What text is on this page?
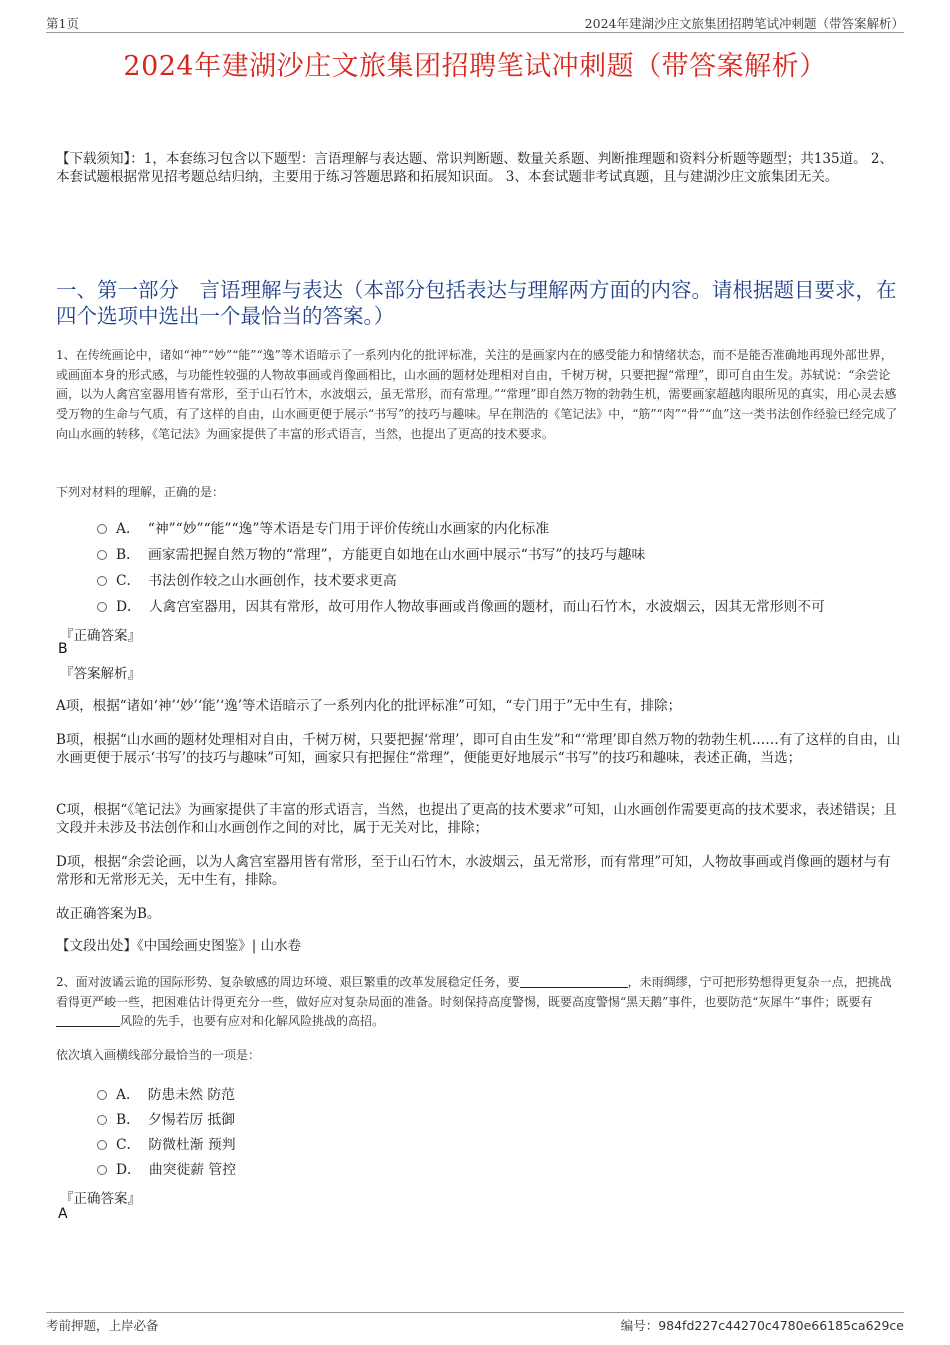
第1页	2024年建湖沙庄文旅集团招聘笔试冲刺题（带答案解析）
2024年建湖沙庄文旅集团招聘笔试冲刺题（带答案解析）
【下载须知】：1，本套练习包含以下题型：言语理解与表达题、常识判断题、数量关系题、判断推理题和资料分析题等题型；共135道。 2、本套试题根据常见招考题总结归纳，主要用于练习答题思路和拓展知识面。 3、本套试题非考试真题，且与建湖沙庄文旅集团无关。
一、第一部分　言语理解与表达（本部分包括表达与理解两方面的内容。请根据题目要求，在四个选项中选出一个最恰当的答案。）
1、在传统画论中，诸如“神”“妙”“能”“逸”等术语暗示了一系列内化的批评标准，关注的是画家内在的感受能力和情绪状态，而不是能否准确地再现外部世界，或画面本身的形式感，与功能性较强的人物故事画或肖像画相比，山水画的题材处理相对自由，千树万树，只要把握“常理”，即可自由生发。苏轼说：“余尝论画，以为人禽宫室器用皆有常形，至于山石竹木，水波烟云，虽无常形，而有常理。”“常理”即自然万物的勃勃生机，需要画家超越肉眼所见的真实，用心灵去感受万物的生命与气质，有了这样的自由，山水画更便于展示“书写”的技巧与趣味。早在荆浩的《笔记法》中，“筋”“肉”“骨”“血”这一类书法创作经验已经完成了向山水画的转移，《笔记法》为画家提供了丰富的形式语言，当然，也提出了更高的技术要求。
下列对材料的理解，正确的是：
A． “神”“妙”“能”“逸”等术语是专门用于评价传统山水画家的内化标准
B． 画家需把握自然万物的“常理”，方能更自如地在山水画中展示“书写”的技巧与趣味
C． 书法创作较之山水画创作，技术要求更高
D． 人禽宫室器用，因其有常形，故可用作人物故事画或肖像画的题材，而山石竹木，水波烟云，因其无常形则不可
『正确答案』
B
『答案解析』
A项，根据“诸如‘神’‘妙’‘能’‘逸’等术语暗示了一系列内化的批评标准”可知，“专门用于”无中生有，排除；
B项，根据“山水画的题材处理相对自由，千树万树，只要把握‘常理’，即可自由生发”和“‘常理’即自然万物的勃勃生机……有了这样的自由，山水画更便于展示‘书写’的技巧与趣味”可知，画家只有把握住“常理”，便能更好地展示“书写”的技巧和趣味，表述正确，当选；
C项，根据“《笔记法》为画家提供了丰富的形式语言，当然，也提出了更高的技术要求”可知，山水画创作需要更高的技术要求，表述错误；且文段并未涉及书法创作和山水画创作之间的对比，属于无关对比，排除；
D项，根据“余尝论画，以为人禽宫室器用皆有常形，至于山石竹木，水波烟云，虽无常形，而有常理”可知，人物故事画或肖像画的题材与有常形和无常形无关，无中生有，排除。
故正确答案为B。
【文段出处】《中国绘画史图鉴》| 山水卷
2、面对波谲云诡的国际形势、复杂敏感的周边环境、艰巨繁重的改革发展稳定任务，要	，未雨绸缪，宁可把形势想得更复杂一点，把挑战看得更严峻一些，把困难估计得更充分一些，做好应对复杂局面的准备。时刻保持高度警惕，既要高度警惕“黑天鹅”事件，也要防范“灰犀牛”事件；既要有风险的先手，也要有应对和化解风险挑战的高招。
依次填入画横线部分最恰当的一项是：
A． 防患未然 防范
B． 夕惕若厉 抵御
C． 防微杜渐 预判
D． 曲突徙薪 管控
『正确答案』
A
考前押题，上岸必备	编号：984fd227c44270c4780e66185ca629ce
